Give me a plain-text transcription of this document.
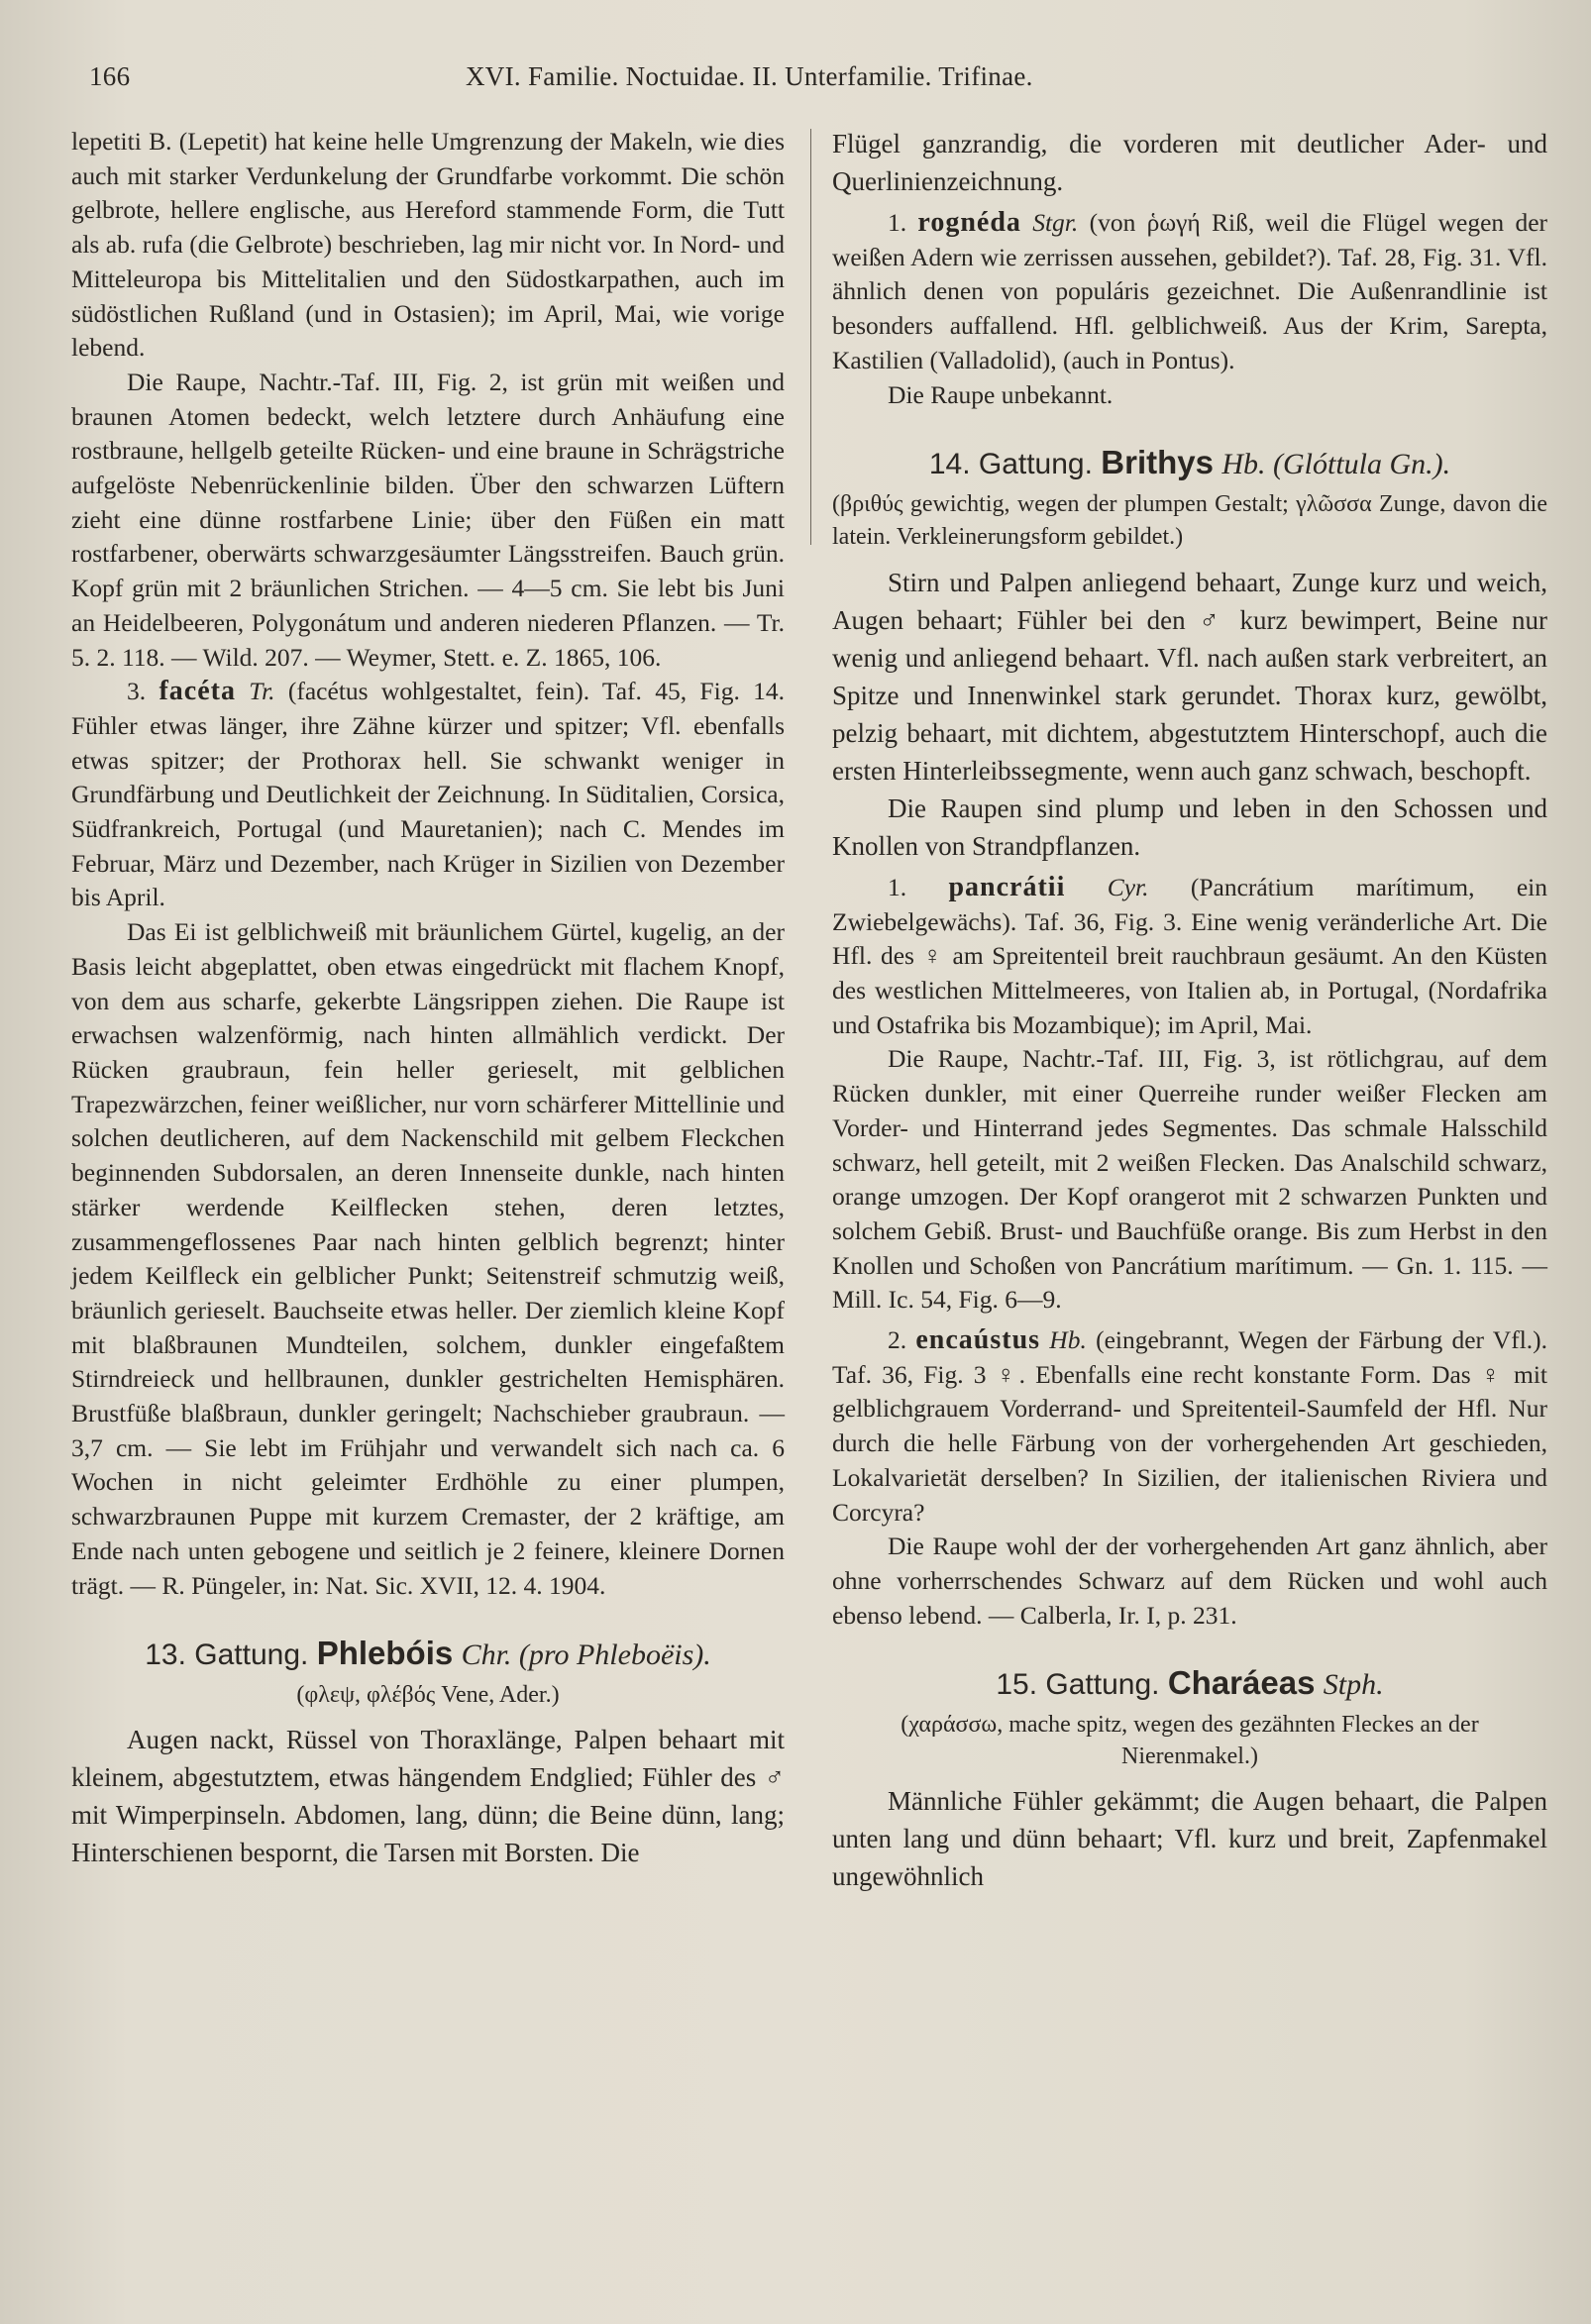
166	XVI. Familie. Noctuidae. II. Unterfamilie. Trifinae.

lepetiti B. (Lepetit) hat keine helle Umgrenzung der Makeln, wie dies auch mit starker Verdunkelung der Grundfarbe vorkommt. Die schön gelbrote, hellere englische, aus Hereford stammende Form, die Tutt als ab. rufa (die Gelbrote) beschrieben, lag mir nicht vor. In Nord- und Mitteleuropa bis Mittelitalien und den Südostkarpathen, auch im südöstlichen Rußland (und in Ostasien); im April, Mai, wie vorige lebend.

Die Raupe, Nachtr.-Taf. III, Fig. 2, ist grün mit weißen und braunen Atomen bedeckt, welch letztere durch Anhäufung eine rostbraune, hellgelb geteilte Rücken- und eine braune in Schrägstriche aufgelöste Nebenrückenlinie bilden. Über den schwarzen Lüftern zieht eine dünne rostfarbene Linie; über den Füßen ein matt rostfarbener, oberwärts schwarzgesäumter Längsstreifen. Bauch grün. Kopf grün mit 2 bräunlichen Strichen. — 4—5 cm. Sie lebt bis Juni an Heidelbeeren, Polygonátum und anderen niederen Pflanzen. — Tr. 5. 2. 118. — Wild. 207. — Weymer, Stett. e. Z. 1865, 106.

3. facéta Tr. (facétus wohlgestaltet, fein). Taf. 45, Fig. 14. Fühler etwas länger, ihre Zähne kürzer und spitzer; Vfl. ebenfalls etwas spitzer; der Prothorax hell. Sie schwankt weniger in Grundfärbung und Deutlichkeit der Zeichnung. In Süditalien, Corsica, Südfrankreich, Portugal (und Mauretanien); nach C. Mendes im Februar, März und Dezember, nach Krüger in Sizilien von Dezember bis April.

Das Ei ist gelblichweiß mit bräunlichem Gürtel, kugelig, an der Basis leicht abgeplattet, oben etwas eingedrückt mit flachem Knopf, von dem aus scharfe, gekerbte Längsrippen ziehen. Die Raupe ist erwachsen walzenförmig, nach hinten allmählich verdickt. Der Rücken graubraun, fein heller gerieselt, mit gelblichen Trapezwärzchen, feiner weißlicher, nur vorn schärferer Mittellinie und solchen deutlicheren, auf dem Nackenschild mit gelbem Fleckchen beginnenden Subdorsalen, an deren Innenseite dunkle, nach hinten stärker werdende Keilflecken stehen, deren letztes, zusammengeflossenes Paar nach hinten gelblich begrenzt; hinter jedem Keilfleck ein gelblicher Punkt; Seitenstreif schmutzig weiß, bräunlich gerieselt. Bauchseite etwas heller. Der ziemlich kleine Kopf mit blaßbraunen Mundteilen, solchem, dunkler eingefaßtem Stirndreieck und hellbraunen, dunkler gestrichelten Hemisphären. Brustfüße blaßbraun, dunkler geringelt; Nachschieber graubraun. — 3,7 cm. — Sie lebt im Frühjahr und verwandelt sich nach ca. 6 Wochen in nicht geleimter Erdhöhle zu einer plumpen, schwarzbraunen Puppe mit kurzem Cremaster, der 2 kräftige, am Ende nach unten gebogene und seitlich je 2 feinere, kleinere Dornen trägt. — R. Püngeler, in: Nat. Sic. XVII, 12. 4. 1904.

13. Gattung. Phlebóis Chr. (pro Phleboëis).
(φλεψ, φλέβός Vene, Ader.)

Augen nackt, Rüssel von Thoraxlänge, Palpen behaart mit kleinem, abgestutztem, etwas hängendem Endglied; Fühler des ♂ mit Wimperpinseln. Abdomen, lang, dünn; die Beine dünn, lang; Hinterschienen bespornt, die Tarsen mit Borsten. Die

Flügel ganzrandig, die vorderen mit deutlicher Ader- und Querlinienzeichnung.

1. rognéda Stgr. (von ῥωγή Riß, weil die Flügel wegen der weißen Adern wie zerrissen aussehen, gebildet?). Taf. 28, Fig. 31. Vfl. ähnlich denen von populáris gezeichnet. Die Außenrandlinie ist besonders auffallend. Hfl. gelblichweiß. Aus der Krim, Sarepta, Kastilien (Valladolid), (auch in Pontus).

Die Raupe unbekannt.

14. Gattung. Brithys Hb. (Glóttula Gn.).

(βριθύς gewichtig, wegen der plumpen Gestalt; γλῶσσα Zunge, davon die latein. Verkleinerungsform gebildet.)

Stirn und Palpen anliegend behaart, Zunge kurz und weich, Augen behaart; Fühler bei den ♂ kurz bewimpert, Beine nur wenig und anliegend behaart. Vfl. nach außen stark verbreitert, an Spitze und Innenwinkel stark gerundet. Thorax kurz, gewölbt, pelzig behaart, mit dichtem, abgestutztem Hinterschopf, auch die ersten Hinterleibssegmente, wenn auch ganz schwach, beschopft.

Die Raupen sind plump und leben in den Schossen und Knollen von Strandpflanzen.

1. pancrátii Cyr. (Pancrátium marítimum, ein Zwiebelgewächs). Taf. 36, Fig. 3. Eine wenig veränderliche Art. Die Hfl. des ♀ am Spreitenteil breit rauchbraun gesäumt. An den Küsten des westlichen Mittelmeeres, von Italien ab, in Portugal, (Nordafrika und Ostafrika bis Mozambique); im April, Mai.

Die Raupe, Nachtr.-Taf. III, Fig. 3, ist rötlichgrau, auf dem Rücken dunkler, mit einer Querreihe runder weißer Flecken am Vorder- und Hinterrand jedes Segmentes. Das schmale Halsschild schwarz, hell geteilt, mit 2 weißen Flecken. Das Analschild schwarz, orange umzogen. Der Kopf orangerot mit 2 schwarzen Punkten und solchem Gebiß. Brust- und Bauchfüße orange. Bis zum Herbst in den Knollen und Schoßen von Pancrátium marítimum. — Gn. 1. 115. — Mill. Ic. 54, Fig. 6—9.

2. encaústus Hb. (eingebrannt, Wegen der Färbung der Vfl.). Taf. 36, Fig. 3 ♀. Ebenfalls eine recht konstante Form. Das ♀ mit gelblichgrauem Vorderrand- und Spreitenteil-Saumfeld der Hfl. Nur durch die helle Färbung von der vorhergehenden Art geschieden, Lokalvarietät derselben? In Sizilien, der italienischen Riviera und Corcyra?

Die Raupe wohl der der vorhergehenden Art ganz ähnlich, aber ohne vorherrschendes Schwarz auf dem Rücken und wohl auch ebenso lebend. — Calberla, Ir. I, p. 231.

15. Gattung. Charáeas Stph.
(χαράσσω, mache spitz, wegen des gezähnten Fleckes an der Nierenmakel.)

Männliche Fühler gekämmt; die Augen behaart, die Palpen unten lang und dünn behaart; Vfl. kurz und breit, Zapfenmakel ungewöhnlich
